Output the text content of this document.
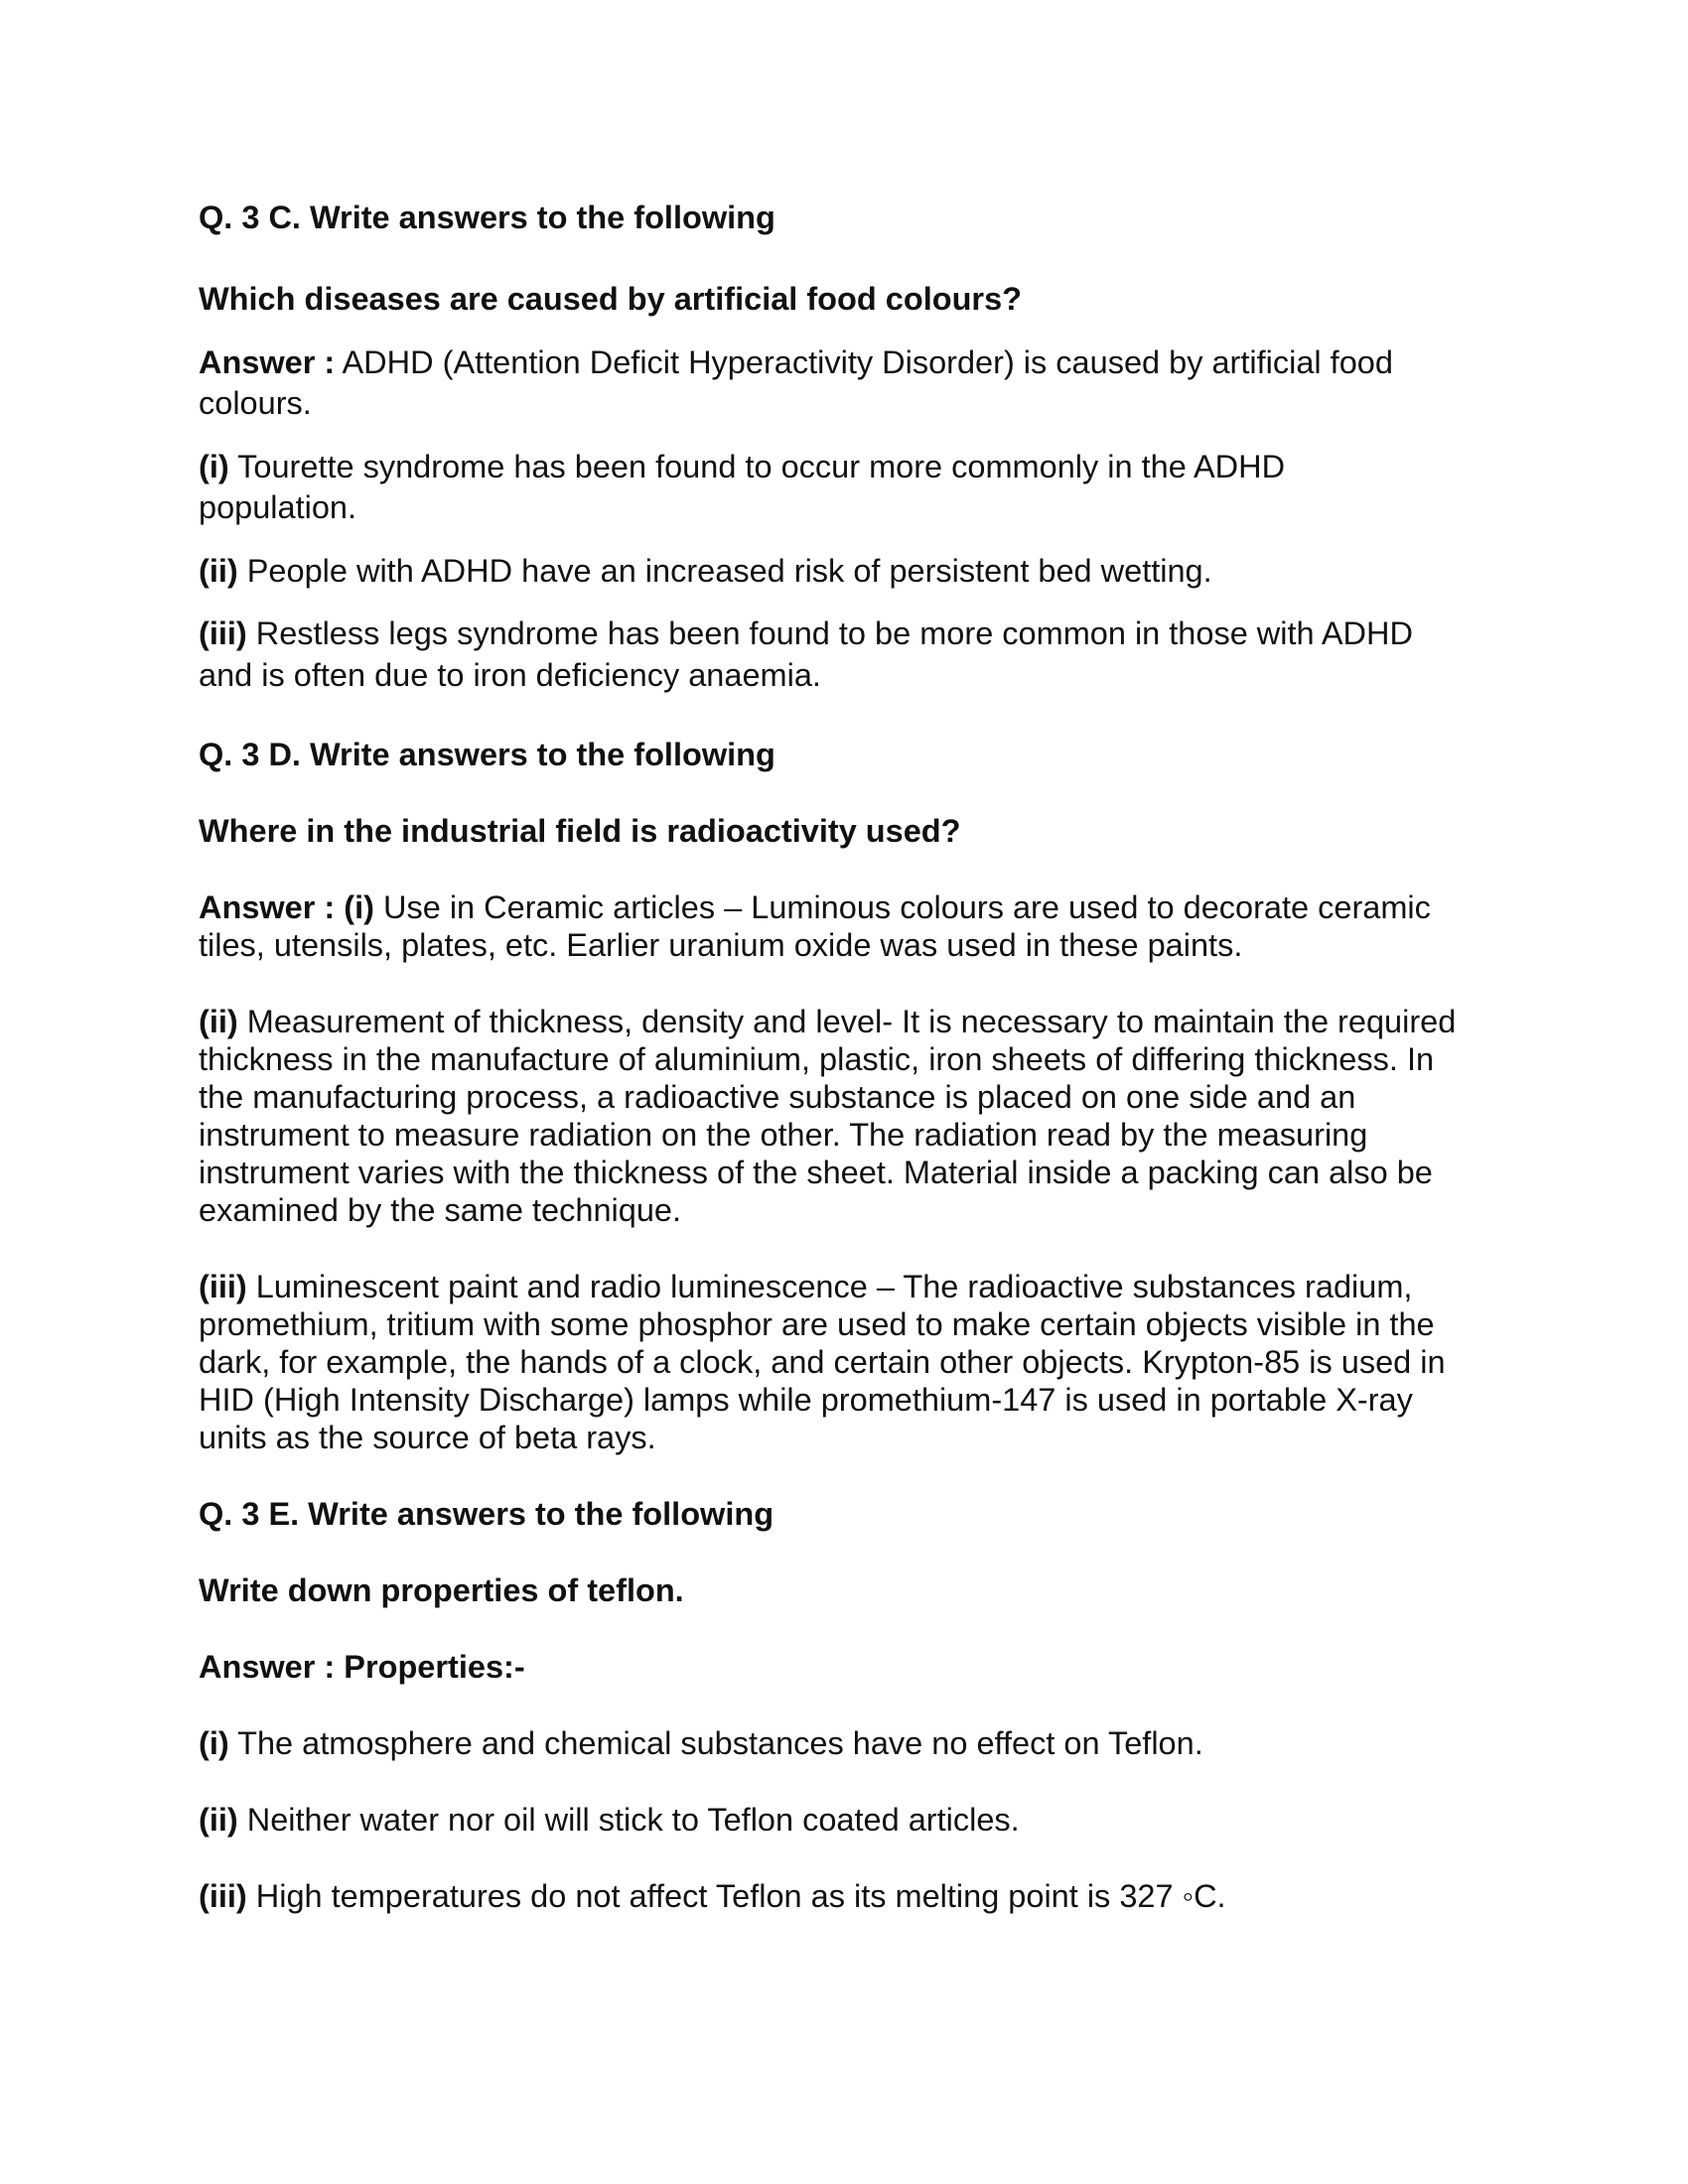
Q. 3 C. Write answers to the following

Which diseases are caused by artificial food colours?

Answer : ADHD (Attention Deficit Hyperactivity Disorder) is caused by artificial food

colours.

(i) Tourette syndrome has been found to occur more commonly in the ADHD

population.

(ii) People with ADHD have an increased risk of persistent bed wetting.

(iii) Restless legs syndrome has been found to be more common in those with ADHD

and is often due to iron deficiency anaemia.

Q. 3 D. Write answers to the following

Where in the industrial field is radioactivity used?

Answer : (i) Use in Ceramic articles – Luminous colours are used to decorate ceramic

tiles, utensils, plates, etc. Earlier uranium oxide was used in these paints.

(ii) Measurement of thickness, density and level- It is necessary to maintain the required

thickness in the manufacture of aluminium, plastic, iron sheets of differing thickness. In

the manufacturing process, a radioactive substance is placed on one side and an

instrument to measure radiation on the other. The radiation read by the measuring

instrument varies with the thickness of the sheet. Material inside a packing can also be

examined by the same technique.

(iii) Luminescent paint and radio luminescence – The radioactive substances radium,

promethium, tritium with some phosphor are used to make certain objects visible in the

dark, for example, the hands of a clock, and certain other objects. Krypton-85 is used in

HID (High Intensity Discharge) lamps while promethium-147 is used in portable X-ray

units as the source of beta rays.

Q. 3 E. Write answers to the following

Write down properties of teflon.

Answer : Properties:-

(i) The atmosphere and chemical substances have no effect on Teflon.

(ii) Neither water nor oil will stick to Teflon coated articles.

(iii) High temperatures do not affect Teflon as its melting point is 327 ◦C.
